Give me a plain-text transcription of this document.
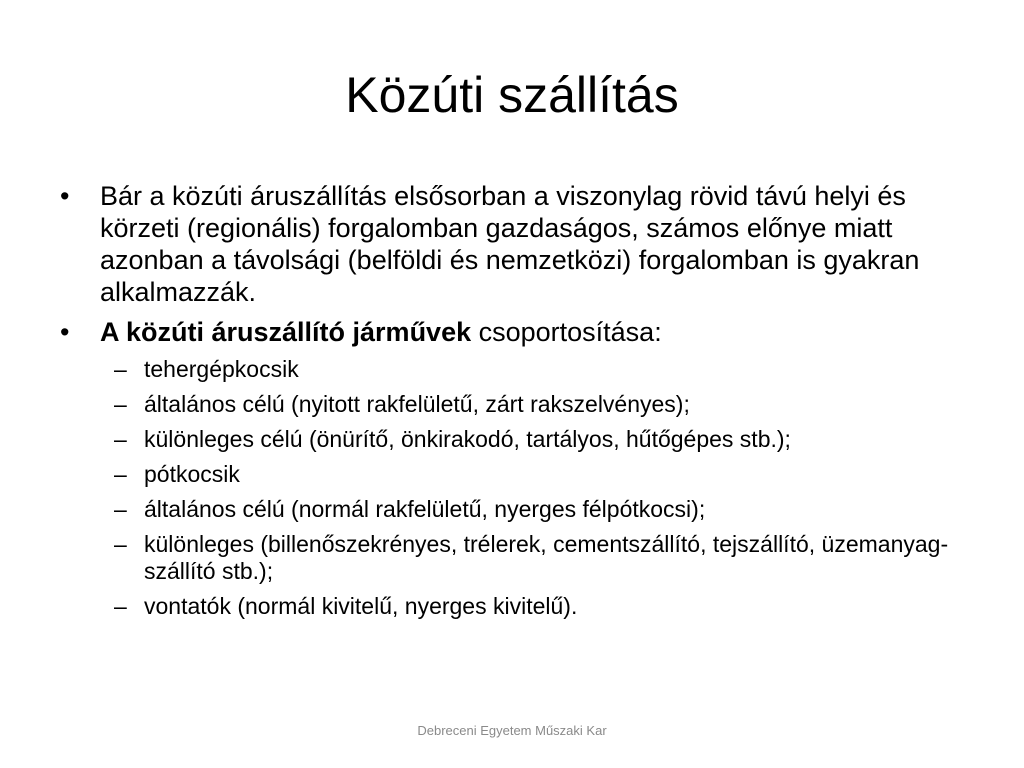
Közúti szállítás
•	Bár a közúti áruszállítás elsősorban a viszonylag rövid távú helyi és körzeti (regionális) forgalomban gazdaságos, számos előnye miatt azonban a távolsági (belföldi és nemzetközi) forgalomban is gyakran alkalmazzák.
•	A közúti áruszállító járművek csoportosítása:
– tehergépkocsik
– általános célú (nyitott rakfelületű, zárt rakszelvényes);
– különleges célú (önürítő, önkirakodó, tartályos, hűtőgépes stb.);
– pótkocsik
– általános célú (normál rakfelületű, nyerges félpótkocsi);
– különleges (billenőszekrényes, trélerek, cementszállító, tejszállító, üzemanyag-szállító stb.);
– vontatók (normál kivitelű, nyerges kivitelű).
Debreceni Egyetem Műszaki Kar
